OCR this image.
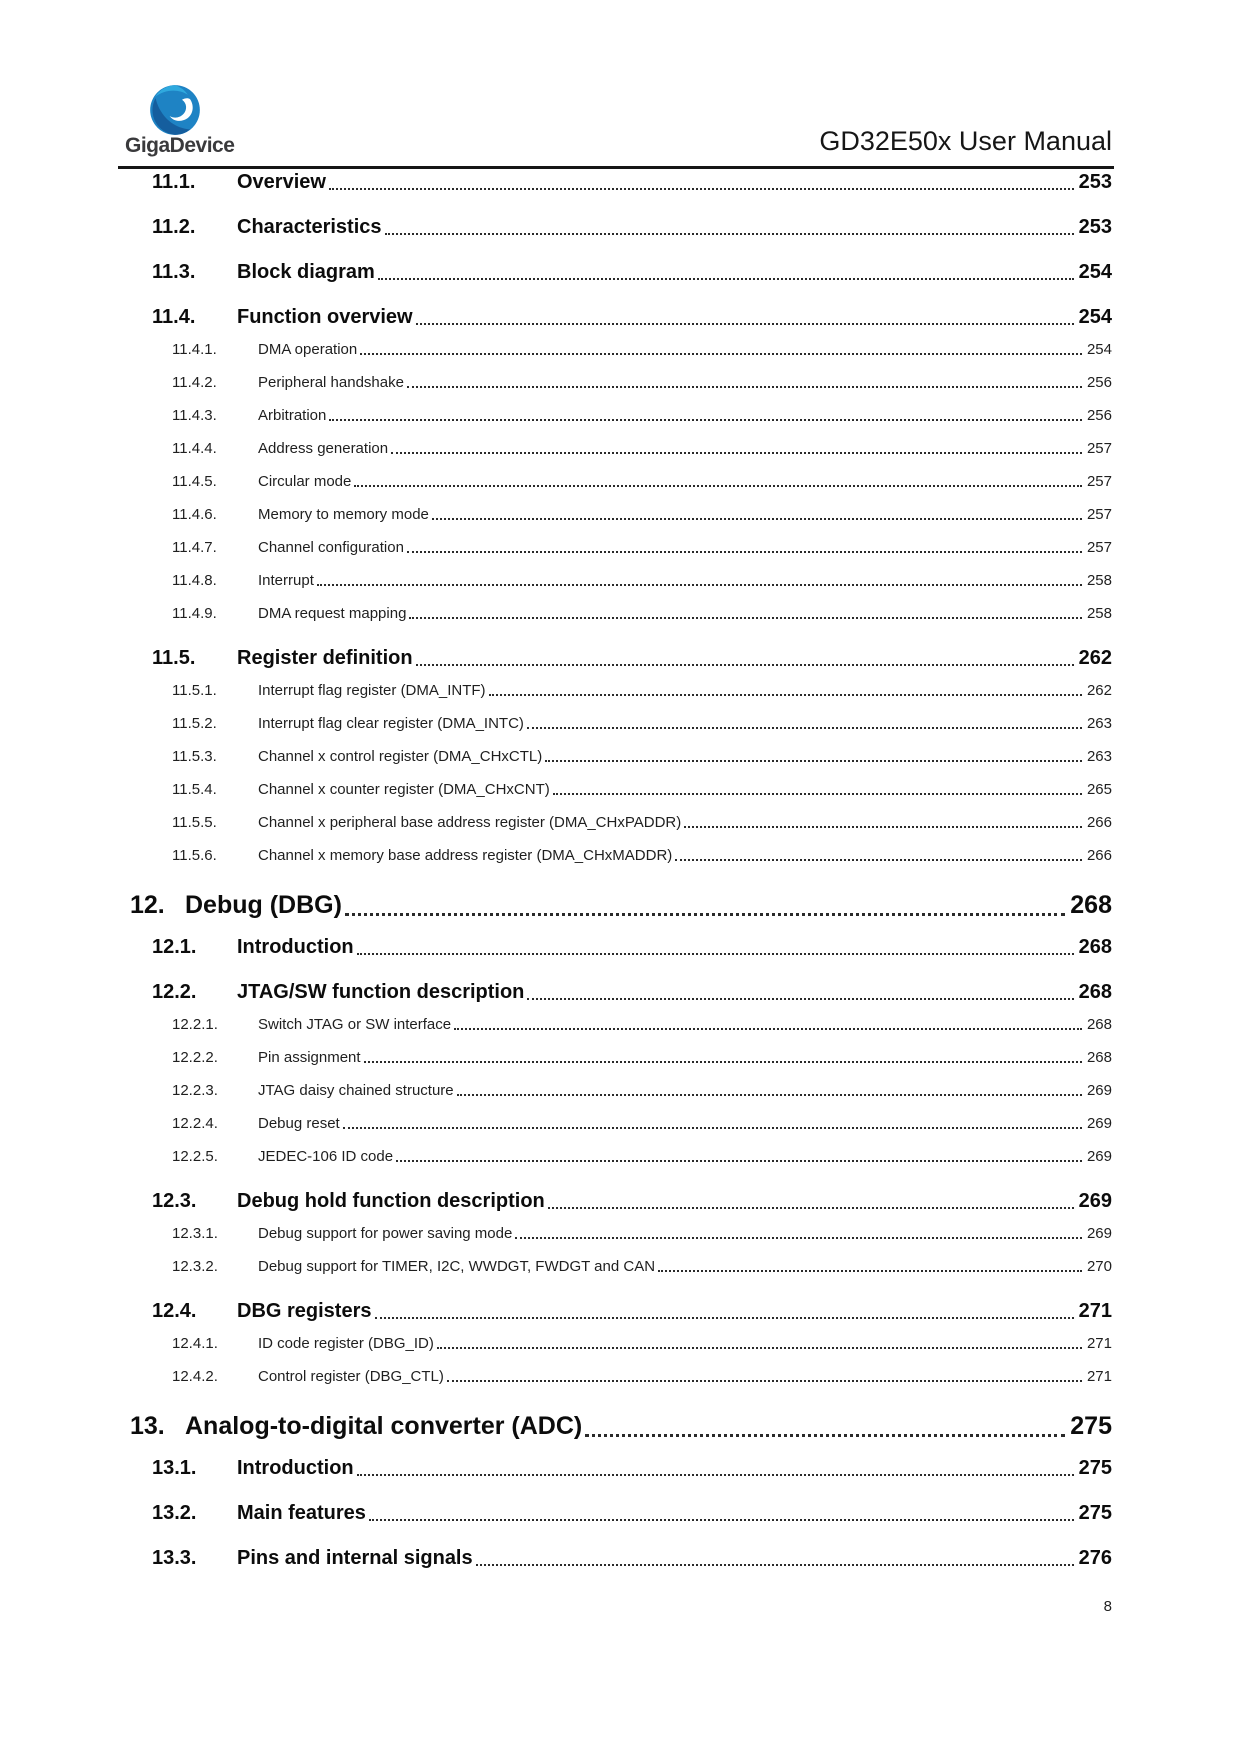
GigaDevice	GD32E50x User Manual
11.1.	Overview	253
11.2.	Characteristics	253
11.3.	Block diagram	254
11.4.	Function overview	254
11.4.1.	DMA operation	254
11.4.2.	Peripheral handshake	256
11.4.3.	Arbitration	256
11.4.4.	Address generation	257
11.4.5.	Circular mode	257
11.4.6.	Memory to memory mode	257
11.4.7.	Channel configuration	257
11.4.8.	Interrupt	258
11.4.9.	DMA request mapping	258
11.5.	Register definition	262
11.5.1.	Interrupt flag register (DMA_INTF)	262
11.5.2.	Interrupt flag clear register (DMA_INTC)	263
11.5.3.	Channel x control register (DMA_CHxCTL)	263
11.5.4.	Channel x counter register (DMA_CHxCNT)	265
11.5.5.	Channel x peripheral base address register (DMA_CHxPADDR)	266
11.5.6.	Channel x memory base address register (DMA_CHxMADDR)	266
12. Debug (DBG)	268
12.1.	Introduction	268
12.2.	JTAG/SW function description	268
12.2.1.	Switch JTAG or SW interface	268
12.2.2.	Pin assignment	268
12.2.3.	JTAG daisy chained structure	269
12.2.4.	Debug reset	269
12.2.5.	JEDEC-106 ID code	269
12.3.	Debug hold function description	269
12.3.1.	Debug support for power saving mode	269
12.3.2.	Debug support for TIMER, I2C, WWDGT, FWDGT and CAN	270
12.4.	DBG registers	271
12.4.1.	ID code register (DBG_ID)	271
12.4.2.	Control register (DBG_CTL)	271
13. Analog-to-digital converter (ADC)	275
13.1.	Introduction	275
13.2.	Main features	275
13.3.	Pins and internal signals	276
8
